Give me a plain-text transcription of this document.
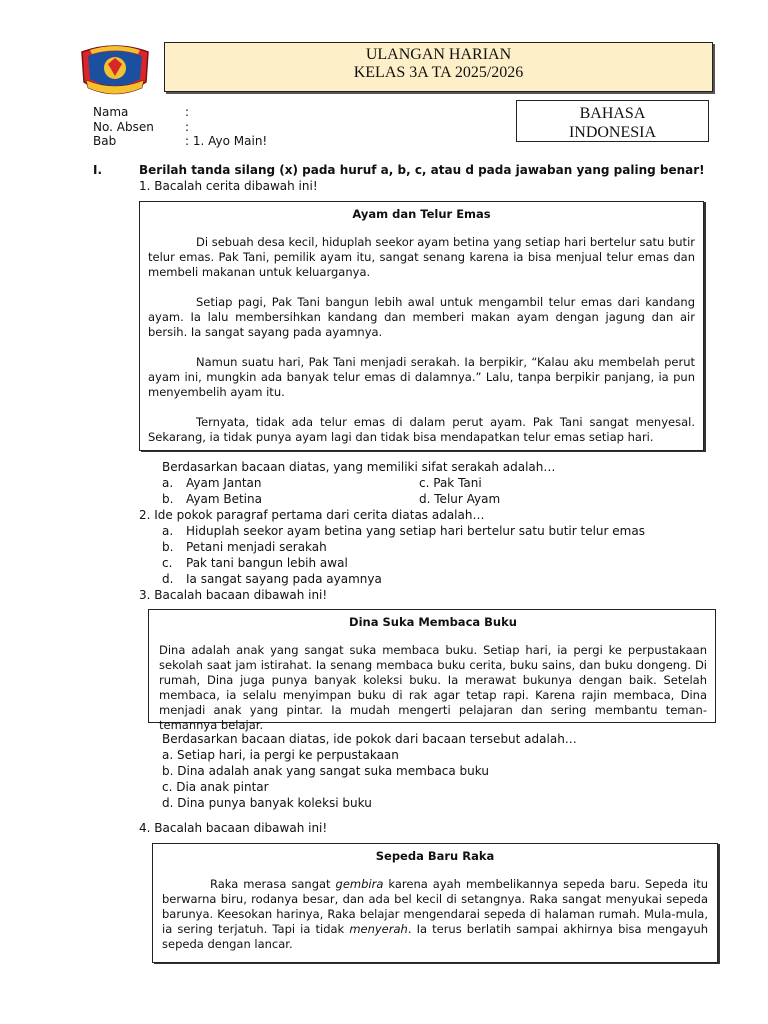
ULANGAN HARIAN
KELAS 3A TA 2025/2026
Nama	:
No. Absen	:
Bab	: 1. Ayo Main!
BAHASA
INDONESIA
I.	Berilah tanda silang (x) pada huruf a, b, c, atau d pada jawaban yang paling benar!
1. Bacalah cerita dibawah ini!
Ayam dan Telur Emas

Di sebuah desa kecil, hiduplah seekor ayam betina yang setiap hari bertelur satu butir telur emas. Pak Tani, pemilik ayam itu, sangat senang karena ia bisa menjual telur emas dan membeli makanan untuk keluarganya.

Setiap pagi, Pak Tani bangun lebih awal untuk mengambil telur emas dari kandang ayam. Ia lalu membersihkan kandang dan memberi makan ayam dengan jagung dan air bersih. Ia sangat sayang pada ayamnya.

Namun suatu hari, Pak Tani menjadi serakah. Ia berpikir, “Kalau aku membelah perut ayam ini, mungkin ada banyak telur emas di dalamnya.” Lalu, tanpa berpikir panjang, ia pun menyembelih ayam itu.

Ternyata, tidak ada telur emas di dalam perut ayam. Pak Tani sangat menyesal. Sekarang, ia tidak punya ayam lagi dan tidak bisa mendapatkan telur emas setiap hari.

Berdasarkan bacaan diatas, yang memiliki sifat serakah adalah…
a. Ayam Jantan	c. Pak Tani
b. Ayam Betina	d. Telur Ayam
2. Ide pokok paragraf pertama dari cerita diatas adalah…
a. Hiduplah seekor ayam betina yang setiap hari bertelur satu butir telur emas
b. Petani menjadi serakah
c. Pak tani bangun lebih awal
d. Ia sangat sayang pada ayamnya
3. Bacalah bacaan dibawah ini!
Dina Suka Membaca Buku

Dina adalah anak yang sangat suka membaca buku. Setiap hari, ia pergi ke perpustakaan sekolah saat jam istirahat. Ia senang membaca buku cerita, buku sains, dan buku dongeng. Di rumah, Dina juga punya banyak koleksi buku. Ia merawat bukunya dengan baik. Setelah membaca, ia selalu menyimpan buku di rak agar tetap rapi. Karena rajin membaca, Dina menjadi anak yang pintar. Ia mudah mengerti pelajaran dan sering membantu teman-temannya belajar.

Berdasarkan bacaan diatas, ide pokok dari bacaan tersebut adalah…
a. Setiap hari, ia pergi ke perpustakaan
b. Dina adalah anak yang sangat suka membaca buku
c. Dia anak pintar
d. Dina punya banyak koleksi buku
4. Bacalah bacaan dibawah ini!
Sepeda Baru Raka

Raka merasa sangat gembira karena ayah membelikannya sepeda baru. Sepeda itu berwarna biru, rodanya besar, dan ada bel kecil di setangnya. Raka sangat menyukai sepeda barunya. Keesokan harinya, Raka belajar mengendarai sepeda di halaman rumah. Mula-mula, ia sering terjatuh. Tapi ia tidak menyerah. Ia terus berlatih sampai akhirnya bisa mengayuh sepeda dengan lancar.
